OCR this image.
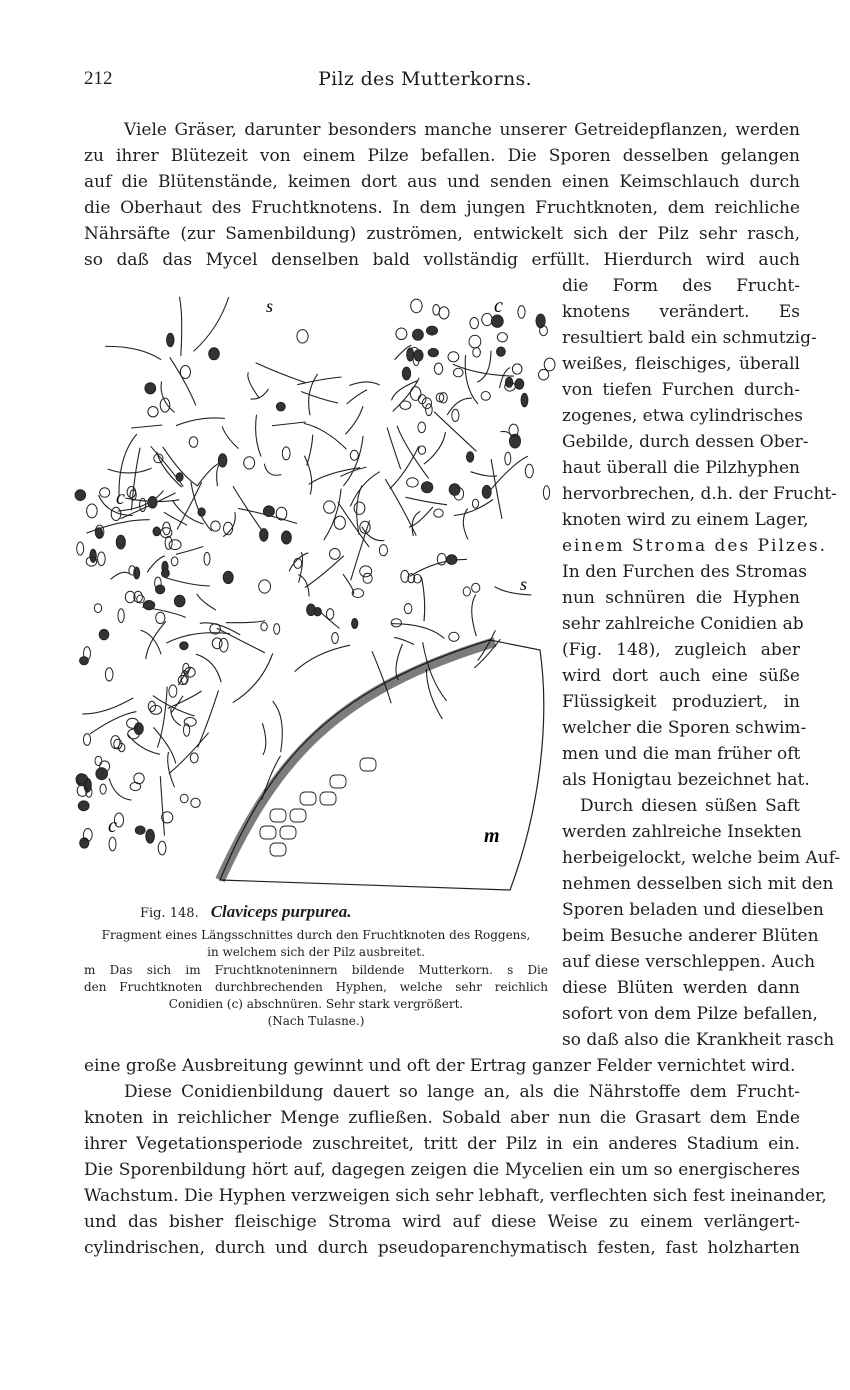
212	Pilz des Mutterkorns.
Viele Gräser, darunter besonders manche unserer Getreidepflanzen, werden
zu ihrer Blütezeit von einem Pilze befallen. Die Sporen desselben gelangen
auf die Blütenstände, keimen dort aus und senden einen Keimschlauch durch
die Oberhaut des Fruchtknotens. In dem jungen Fruchtknoten, dem reichliche
Nährsäfte (zur Samenbildung) zuströmen, entwickelt sich der Pilz sehr rasch,
so daß das Mycel denselben bald vollständig erfüllt. Hierdurch wird auch
die Form des Frucht-
knotens verändert. Es
resultiert bald ein schmutzig-
weißes, fleischiges, überall
von tiefen Furchen durch-
zogenes, etwa cylindrisches
Gebilde, durch dessen Ober-
haut überall die Pilzhyphen
hervorbrechen, d.h. der Frucht-
knoten wird zu einem Lager,
einem Stroma des Pilzes.
In den Furchen des Stromas
nun schnüren die Hyphen
sehr zahlreiche Conidien ab
(Fig. 148), zugleich aber
wird dort auch eine süße
Flüssigkeit produziert, in
welcher die Sporen schwim-
men und die man früher oft
als Honigtau bezeichnet hat.
Durch diesen süßen Saft
werden zahlreiche Insekten
herbeigelockt, welche beim Auf-
nehmen desselben sich mit den
Sporen beladen und dieselben
beim Besuche anderer Blüten
auf diese verschleppen. Auch
diese Blüten werden dann
sofort von dem Pilze befallen,
so daß also die Krankheit rasch
s	c
c
s
c	m
Fig. 148. Claviceps purpurea.
Fragment eines Längsschnittes durch den Fruchtknoten des Roggens,
in welchem sich der Pilz ausbreitet.
m Das sich im Fruchtknoteninnern bildende Mutterkorn. s Die
den Fruchtknoten durchbrechenden Hyphen, welche sehr reichlich
Conidien (c) abschnüren. Sehr stark vergrößert.
(Nach Tulasne.)
eine große Ausbreitung gewinnt und oft der Ertrag ganzer Felder vernichtet wird.
Diese Conidienbildung dauert so lange an, als die Nährstoffe dem Frucht-
knoten in reichlicher Menge zufließen. Sobald aber nun die Grasart dem Ende
ihrer Vegetationsperiode zuschreitet, tritt der Pilz in ein anderes Stadium ein.
Die Sporenbildung hört auf, dagegen zeigen die Mycelien ein um so energischeres
Wachstum. Die Hyphen verzweigen sich sehr lebhaft, verflechten sich fest ineinander,
und das bisher fleischige Stroma wird auf diese Weise zu einem verlängert-
cylindrischen, durch und durch pseudoparenchymatisch festen, fast holzharten
